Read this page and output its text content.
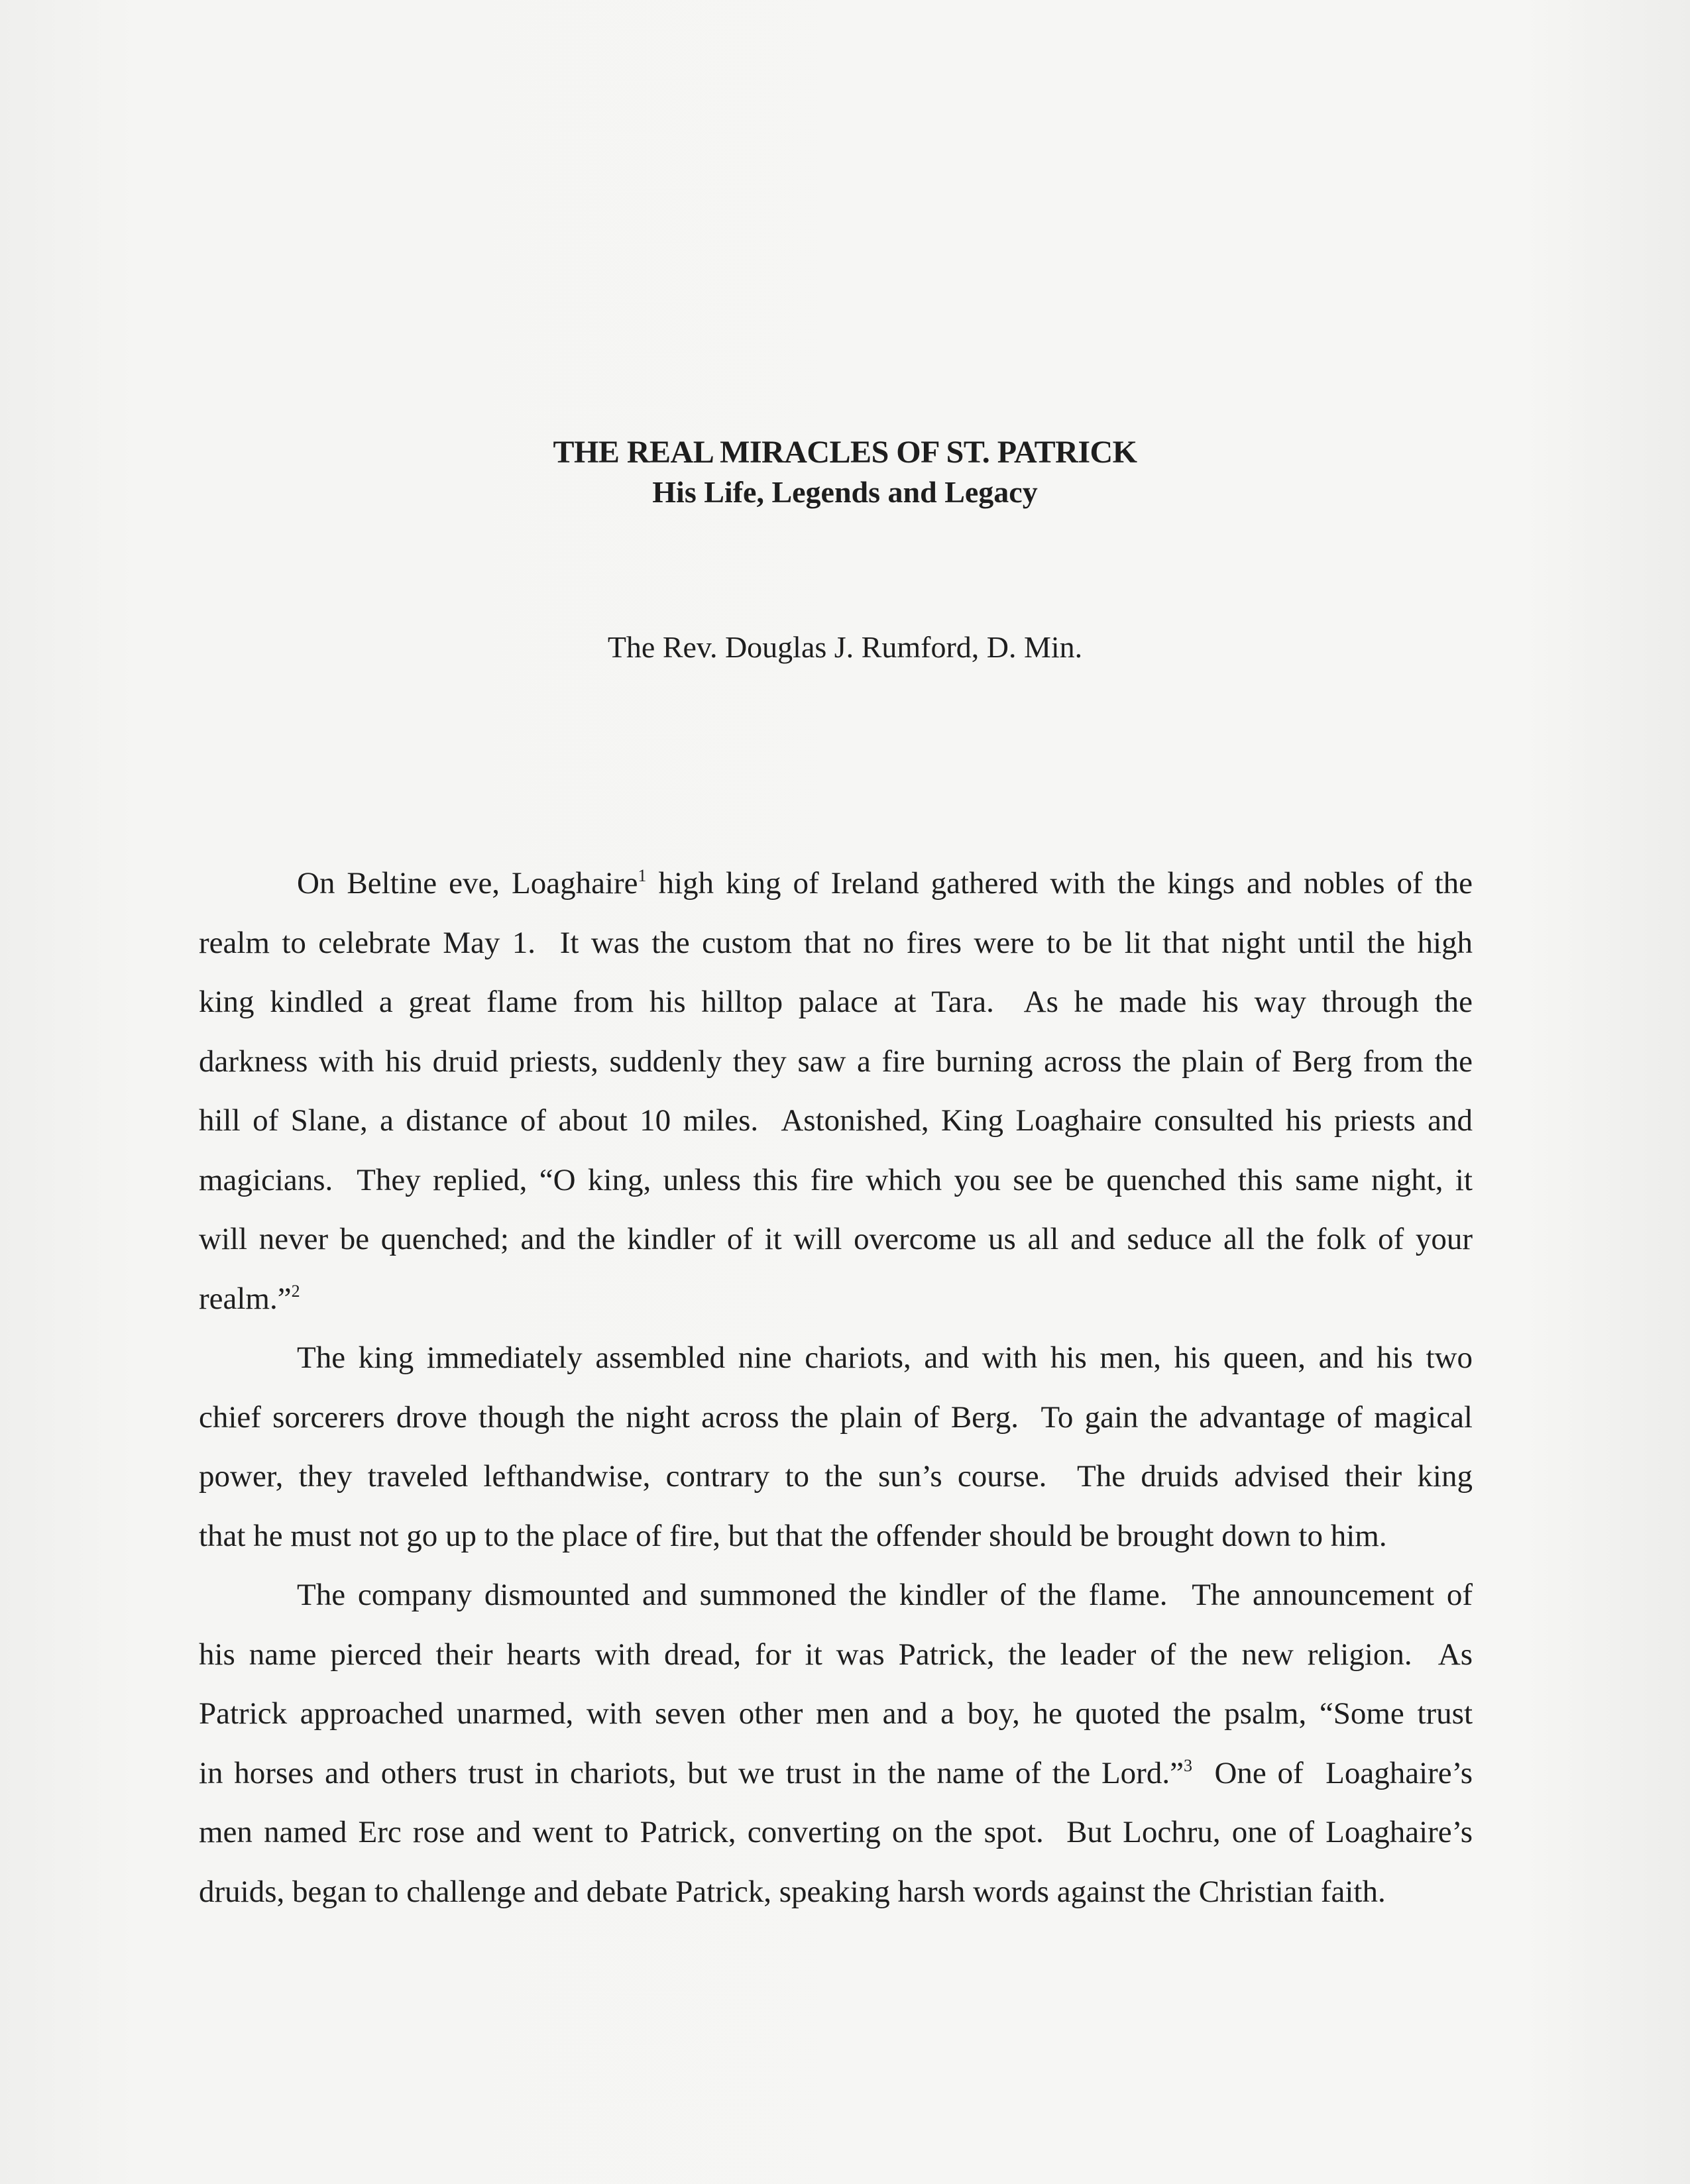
THE REAL MIRACLES OF ST. PATRICK
His Life, Legends and Legacy
The Rev. Douglas J. Rumford, D. Min.
On Beltine eve, Loaghaire$^1$ high king of Ireland gathered with the kings and nobles of the
realm to celebrate May 1.  It was the custom that no fires were to be lit that night until the high
king kindled a great flame from his hilltop palace at Tara.  As he made his way through the
darkness with his druid priests, suddenly they saw a fire burning across the plain of Berg from the
hill of Slane, a distance of about 10 miles.  Astonished, King Loaghaire consulted his priests and
magicians.  They replied, “O king, unless this fire which you see be quenched this same night, it
will never be quenched; and the kindler of it will overcome us all and seduce all the folk of your
realm.”$^2$
The king immediately assembled nine chariots, and with his men, his queen, and his two
chief sorcerers drove though the night across the plain of Berg.  To gain the advantage of magical
power, they traveled lefthandwise, contrary to the sun’s course.  The druids advised their king
that he must not go up to the place of fire, but that the offender should be brought down to him.
The company dismounted and summoned the kindler of the flame.  The announcement of
his name pierced their hearts with dread, for it was Patrick, the leader of the new religion.  As
Patrick approached unarmed, with seven other men and a boy, he quoted the psalm, “Some trust
in horses and others trust in chariots, but we trust in the name of the Lord.”$^3$  One of  Loaghaire’s
men named Erc rose and went to Patrick, converting on the spot.  But Lochru, one of Loaghaire’s
druids, began to challenge and debate Patrick, speaking harsh words against the Christian faith.
